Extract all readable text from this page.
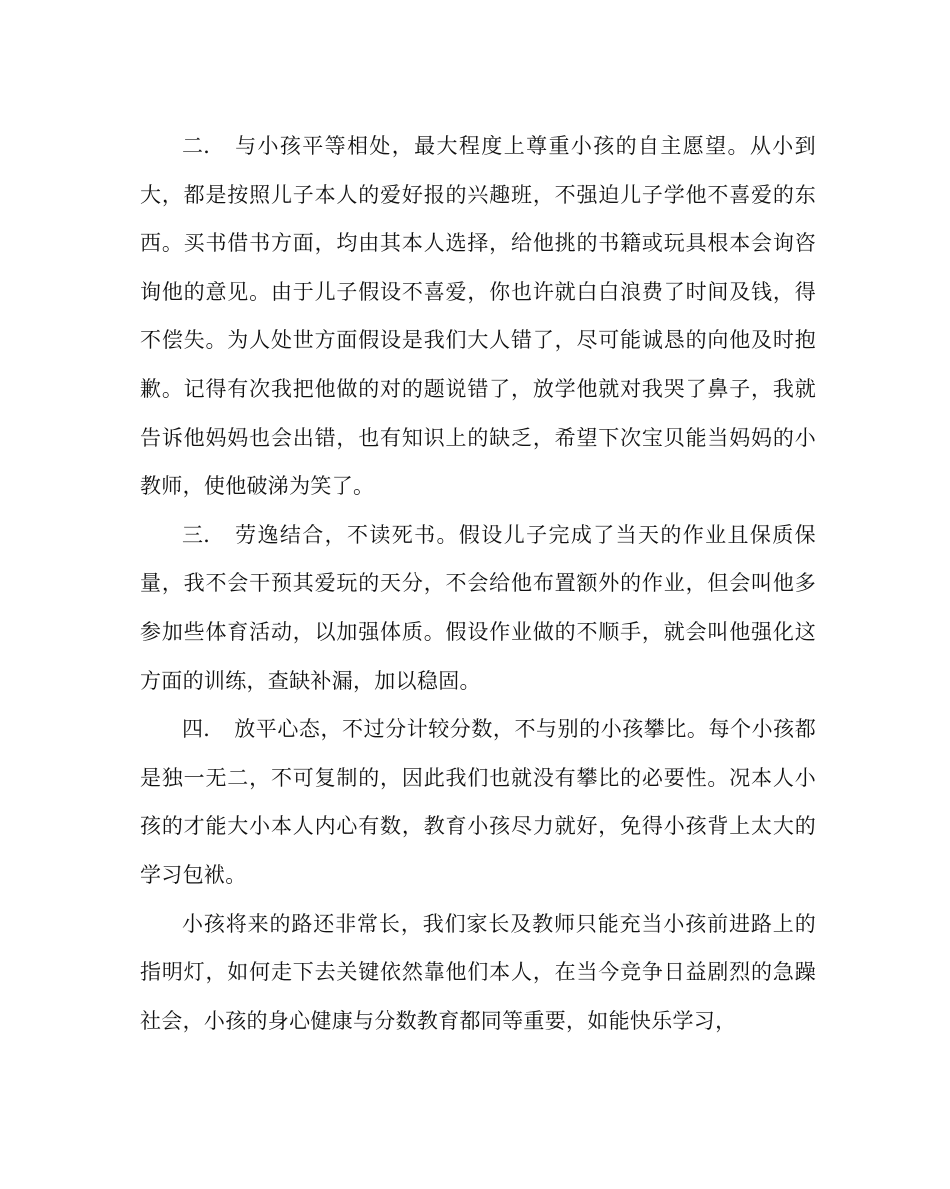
二． 与小孩平等相处，最大程度上尊重小孩的自主愿望。从小到大，都是按照儿子本人的爱好报的兴趣班，不强迫儿子学他不喜爱的东西。买书借书方面，均由其本人选择，给他挑的书籍或玩具根本会询咨询他的意见。由于儿子假设不喜爱，你也许就白白浪费了时间及钱，得不偿失。为人处世方面假设是我们大人错了，尽可能诚恳的向他及时抱歉。记得有次我把他做的对的题说错了，放学他就对我哭了鼻子，我就告诉他妈妈也会出错，也有知识上的缺乏，希望下次宝贝能当妈妈的小教师，使他破涕为笑了。

三． 劳逸结合，不读死书。假设儿子完成了当天的作业且保质保量，我不会干预其爱玩的天分，不会给他布置额外的作业，但会叫他多参加些体育活动，以加强体质。假设作业做的不顺手，就会叫他强化这方面的训练，查缺补漏，加以稳固。

四． 放平心态，不过分计较分数，不与别的小孩攀比。每个小孩都是独一无二，不可复制的，因此我们也就没有攀比的必要性。况本人小孩的才能大小本人内心有数，教育小孩尽力就好，免得小孩背上太大的学习包袱。

小孩将来的路还非常长，我们家长及教师只能充当小孩前进路上的指明灯，如何走下去关键依然靠他们本人，在当今竞争日益剧烈的急躁社会，小孩的身心健康与分数教育都同等重要，如能快乐学习，
